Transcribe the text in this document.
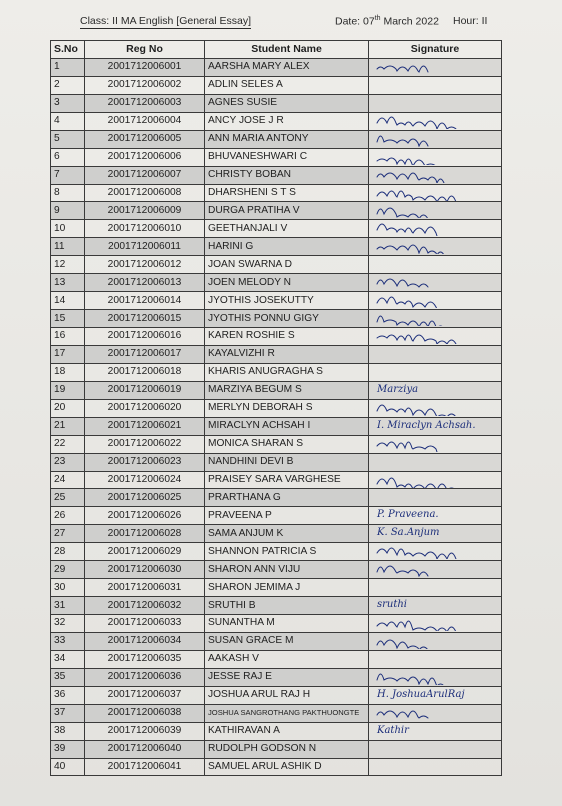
Class: II MA English [General Essay]	Date: 07th March 2022 Hour: II
S.No	Reg No	Student Name	Signature
1	2001712006001	AARSHA MARY ALEX	

2	2001712006002	ADLIN SELES A	
3	2001712006003	AGNES SUSIE	
4	2001712006004	ANCY JOSE J R	

5	2001712006005	ANN MARIA ANTONY	

6	2001712006006	BHUVANESHWARI C	

7	2001712006007	CHRISTY BOBAN	

8	2001712006008	DHARSHENI S T S	

9	2001712006009	DURGA PRATIHA V	

10	2001712006010	GEETHANJALI V	

11	2001712006011	HARINI G	

12	2001712006012	JOAN SWARNA D	
13	2001712006013	JOEN MELODY N	

14	2001712006014	JYOTHIS JOSEKUTTY	

15	2001712006015	JYOTHIS PONNU GIGY	

16	2001712006016	KAREN ROSHIE S	

17	2001712006017	KAYALVIZHI R	
18	2001712006018	KHARIS ANUGRAGHA S	
19	2001712006019	MARZIYA BEGUM S	Marziya

20	2001712006020	MERLYN DEBORAH S	

21	2001712006021	MIRACLYN ACHSAH I	I. Miraclyn Achsah.

22	2001712006022	MONICA SHARAN S	

23	2001712006023	NANDHINI DEVI B	
24	2001712006024	PRAISEY SARA VARGHESE	

25	2001712006025	PRARTHANA G	
26	2001712006026	PRAVEENA P	P. Praveena.

27	2001712006028	SAMA ANJUM K	K. Sa.Anjum

28	2001712006029	SHANNON PATRICIA S	

29	2001712006030	SHARON ANN VIJU	

30	2001712006031	SHARON JEMIMA J	
31	2001712006032	SRUTHI B	sruthi

32	2001712006033	SUNANTHA M	

33	2001712006034	SUSAN GRACE M	

34	2001712006035	AAKASH V	
35	2001712006036	JESSE RAJ E	

36	2001712006037	JOSHUA ARUL RAJ H	H. JoshuaArulRaj

37	2001712006038	JOSHUA SANGROTHANG PAKTHUONGTE	

38	2001712006039	KATHIRAVAN A	Kathir

39	2001712006040	RUDOLPH GODSON N	
40	2001712006041	SAMUEL ARUL ASHIK D	
